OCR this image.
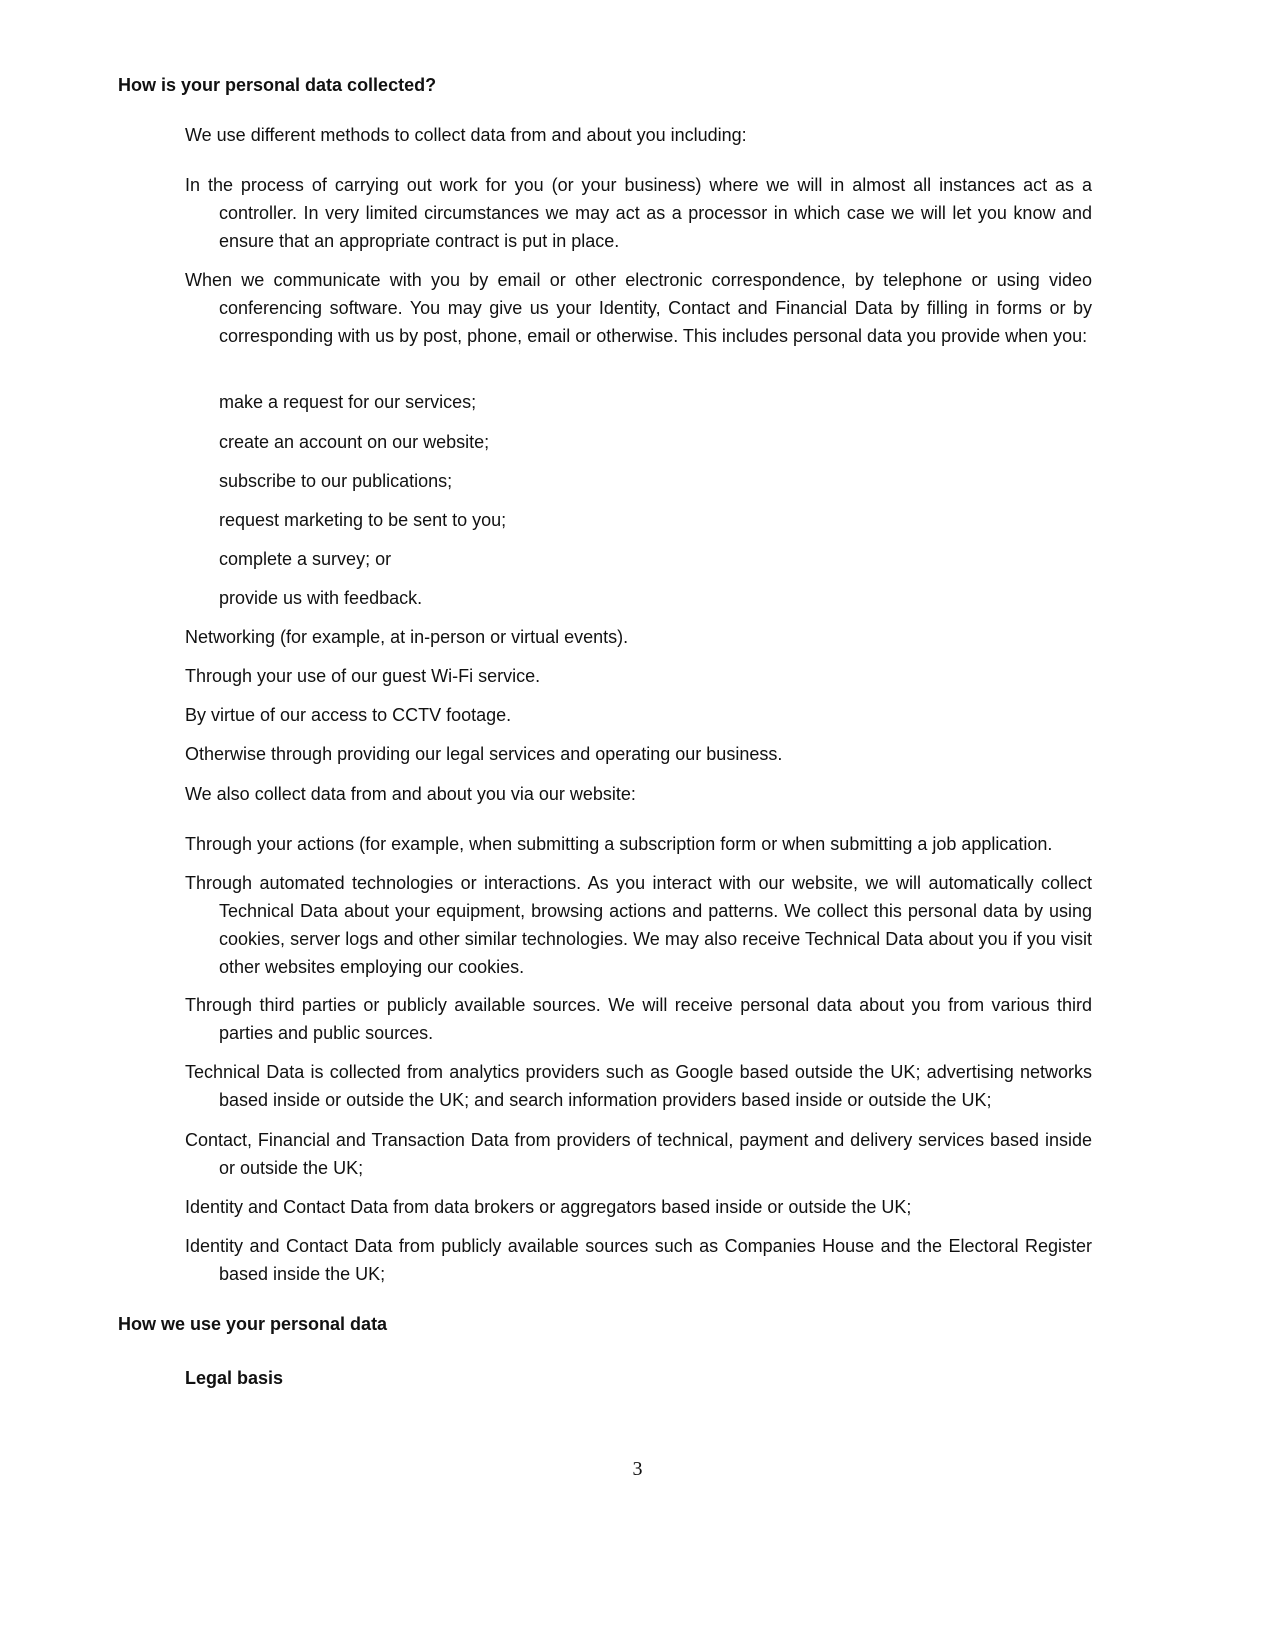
How is your personal data collected?
We use different methods to collect data from and about you including:
In the process of carrying out work for you (or your business) where we will in almost all instances act as a controller. In very limited circumstances we may act as a processor in which case we will let you know and ensure that an appropriate contract is put in place.
When we communicate with you by email or other electronic correspondence, by telephone or using video conferencing software. You may give us your Identity, Contact and Financial Data by filling in forms or by corresponding with us by post, phone, email or otherwise. This includes personal data you provide when you:
make a request for our services;
create an account on our website;
subscribe to our publications;
request marketing to be sent to you;
complete a survey; or
provide us with feedback.
Networking (for example, at in-person or virtual events).
Through your use of our guest Wi-Fi service.
By virtue of our access to CCTV footage.
Otherwise through providing our legal services and operating our business.
We also collect data from and about you via our website:
Through your actions (for example, when submitting a subscription form or when submitting a job application.
Through automated technologies or interactions. As you interact with our website, we will automatically collect Technical Data about your equipment, browsing actions and patterns. We collect this personal data by using cookies, server logs and other similar technologies. We may also receive Technical Data about you if you visit other websites employing our cookies.
Through third parties or publicly available sources. We will receive personal data about you from various third parties and public sources.
Technical Data is collected from analytics providers such as Google based outside the UK; advertising networks based inside or outside the UK; and search information providers based inside or outside the UK;
Contact, Financial and Transaction Data from providers of technical, payment and delivery services based inside or outside the UK;
Identity and Contact Data from data brokers or aggregators based inside or outside the UK;
Identity and Contact Data from publicly available sources such as Companies House and the Electoral Register based inside the UK;
How we use your personal data
Legal basis
3
